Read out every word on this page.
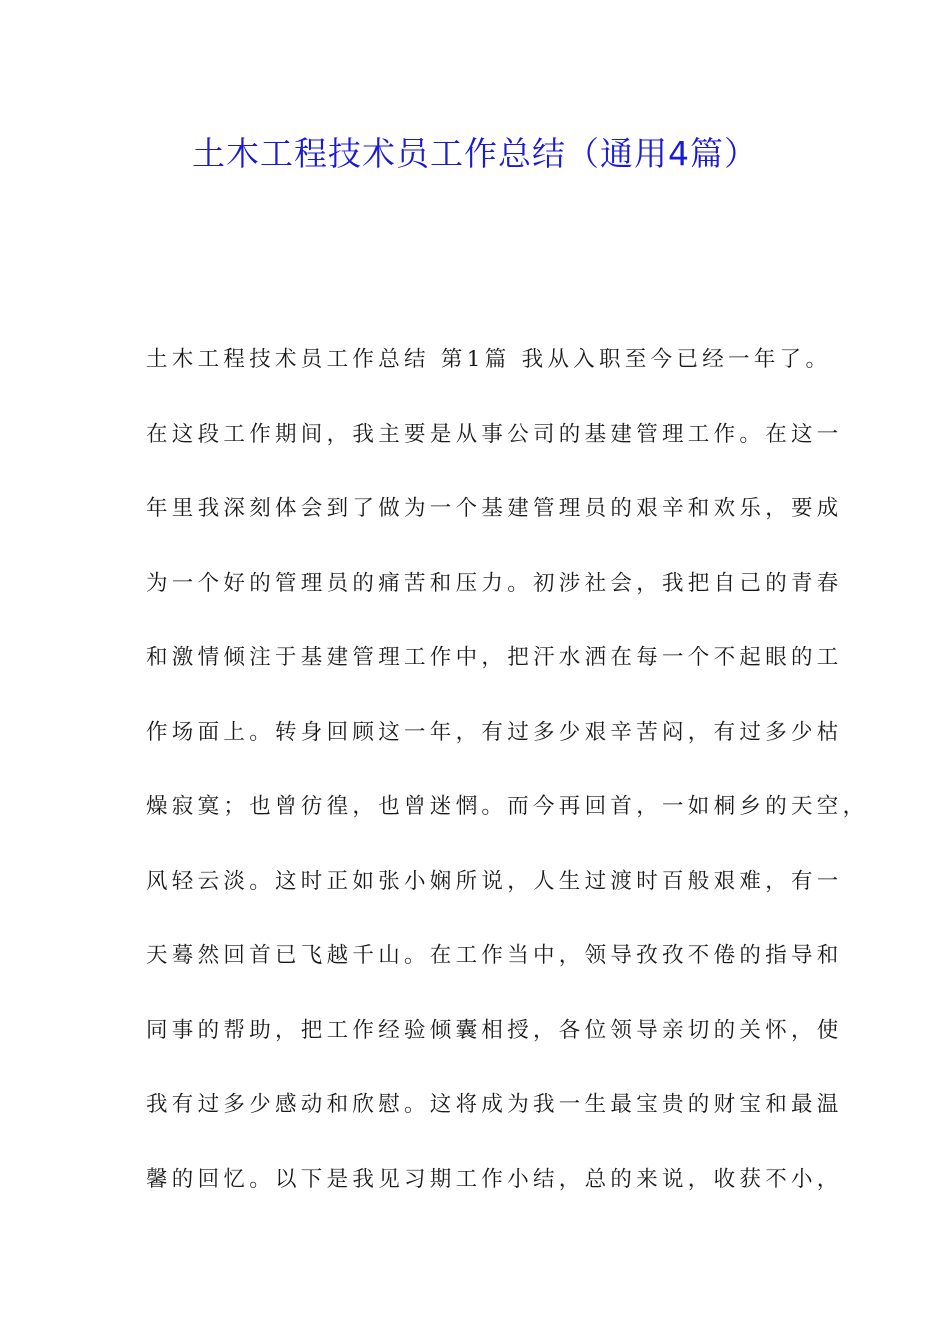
土木工程技术员工作总结（通用4篇）
土木工程技术员工作总结 第1篇 我从入职至今已经一年了。
在这段工作期间，我主要是从事公司的基建管理工作。在这一
年里我深刻体会到了做为一个基建管理员的艰辛和欢乐，要成
为一个好的管理员的痛苦和压力。初涉社会，我把自己的青春
和激情倾注于基建管理工作中，把汗水洒在每一个不起眼的工
作场面上。转身回顾这一年，有过多少艰辛苦闷，有过多少枯
燥寂寞；也曾彷徨，也曾迷惘。而今再回首，一如桐乡的天空，
风轻云淡。这时正如张小娴所说，人生过渡时百般艰难，有一
天蓦然回首已飞越千山。在工作当中，领导孜孜不倦的指导和
同事的帮助，把工作经验倾囊相授，各位领导亲切的关怀，使
我有过多少感动和欣慰。这将成为我一生最宝贵的财宝和最温
馨的回忆。以下是我见习期工作小结，总的来说，收获不小，
